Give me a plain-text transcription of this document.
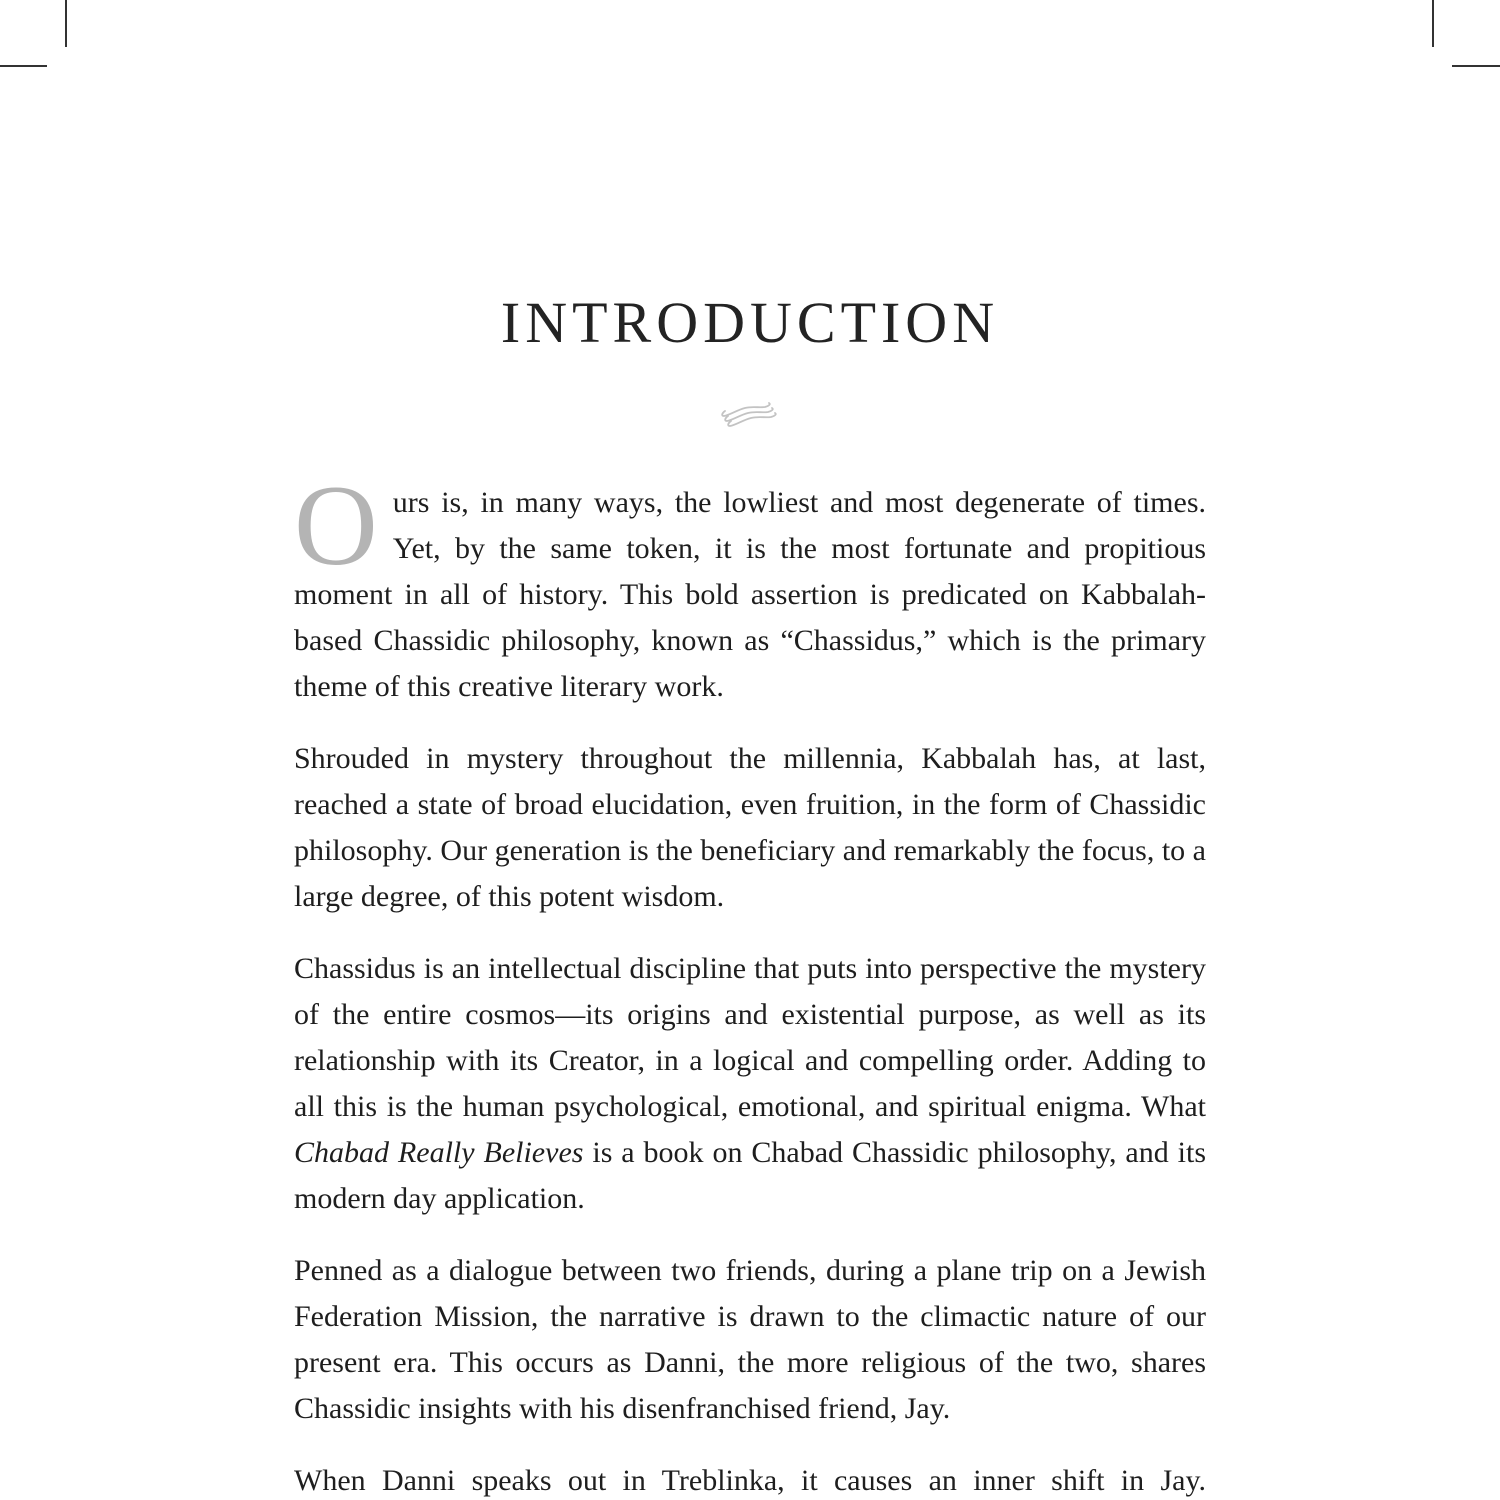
INTRODUCTION

Ours is, in many ways, the lowliest and most degenerate of times. Yet, by the same token, it is the most fortunate and propitious moment in all of history. This bold assertion is predicated on Kabbalah-based Chassidic philosophy, known as “Chassidus,” which is the primary theme of this creative literary work.

Shrouded in mystery throughout the millennia, Kabbalah has, at last, reached a state of broad elucidation, even fruition, in the form of Chassidic philosophy. Our generation is the beneficiary and remarkably the focus, to a large degree, of this potent wisdom.

Chassidus is an intellectual discipline that puts into perspective the mystery of the entire cosmos—its origins and existential purpose, as well as its relationship with its Creator, in a logical and compelling order. Adding to all this is the human psychological, emotional, and spiritual enigma. What Chabad Really Believes is a book on Chabad Chassidic philosophy, and its modern day application.

Penned as a dialogue between two friends, during a plane trip on a Jewish Federation Mission, the narrative is drawn to the climactic nature of our present era. This occurs as Danni, the more religious of the two, shares Chassidic insights with his disenfranchised friend, Jay.

When Danni speaks out in Treblinka, it causes an inner shift in Jay.
